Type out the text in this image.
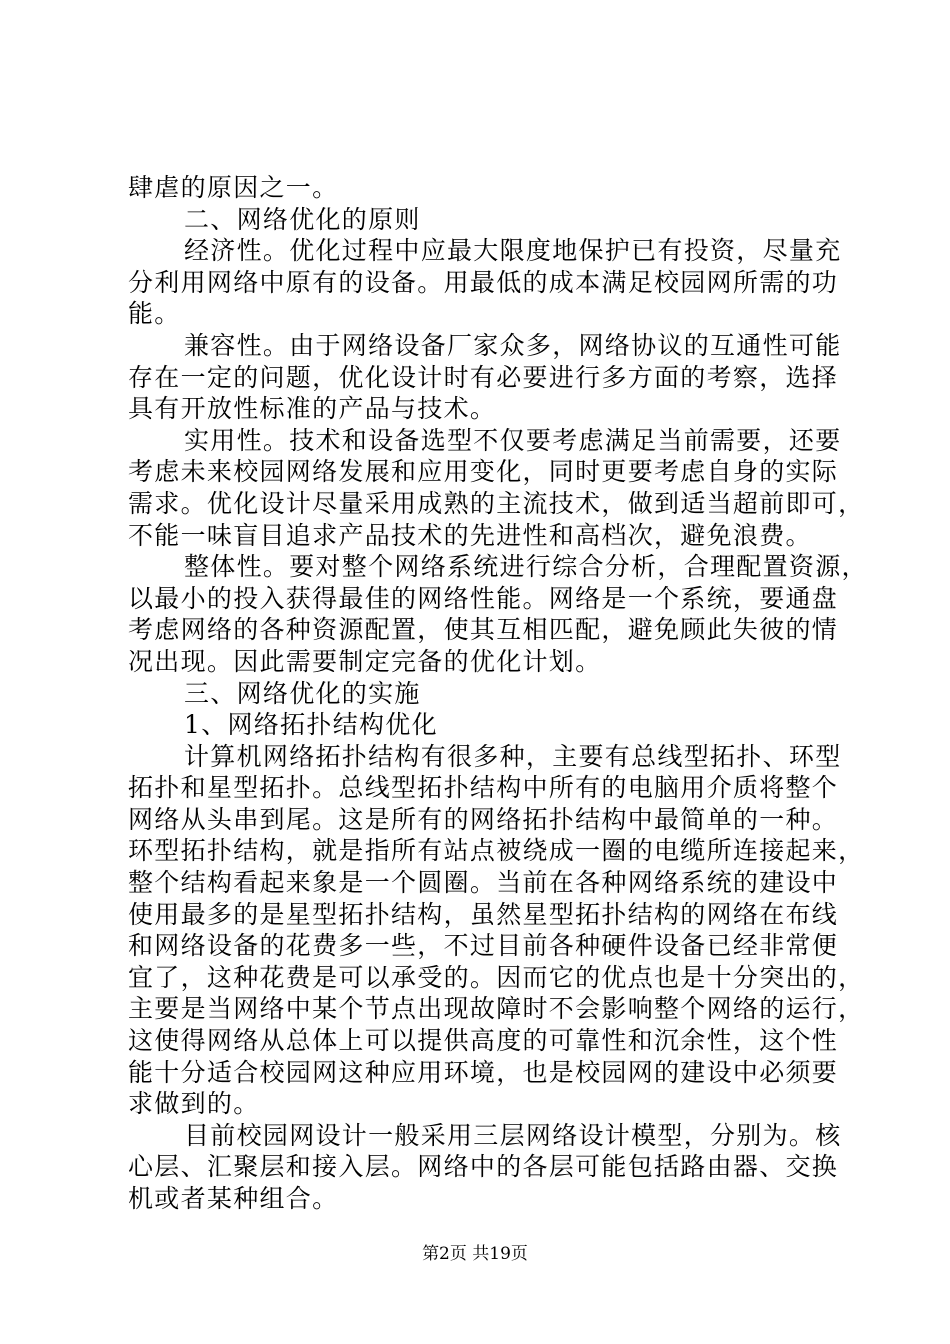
肆虐的原因之一。
二、网络优化的原则
经济性。优化过程中应最大限度地保护已有投资，尽量充
分利用网络中原有的设备。用最低的成本满足校园网所需的功
能。
兼容性。由于网络设备厂家众多，网络协议的互通性可能
存在一定的问题，优化设计时有必要进行多方面的考察，选择
具有开放性标准的产品与技术。
实用性。技术和设备选型不仅要考虑满足当前需要，还要
考虑未来校园网络发展和应用变化，同时更要考虑自身的实际
需求。优化设计尽量采用成熟的主流技术，做到适当超前即可，
不能一味盲目追求产品技术的先进性和高档次，避免浪费。
整体性。要对整个网络系统进行综合分析，合理配置资源，
以最小的投入获得最佳的网络性能。网络是一个系统，要通盘
考虑网络的各种资源配置，使其互相匹配，避免顾此失彼的情
况出现。因此需要制定完备的优化计划。
三、网络优化的实施
1、网络拓扑结构优化
计算机网络拓扑结构有很多种，主要有总线型拓扑、环型
拓扑和星型拓扑。总线型拓扑结构中所有的电脑用介质将整个
网络从头串到尾。这是所有的网络拓扑结构中最简单的一种。
环型拓扑结构，就是指所有站点被绕成一圈的电缆所连接起来，
整个结构看起来象是一个圆圈。当前在各种网络系统的建设中
使用最多的是星型拓扑结构，虽然星型拓扑结构的网络在布线
和网络设备的花费多一些，不过目前各种硬件设备已经非常便
宜了，这种花费是可以承受的。因而它的优点也是十分突出的，
主要是当网络中某个节点出现故障时不会影响整个网络的运行，
这使得网络从总体上可以提供高度的可靠性和沉余性，这个性
能十分适合校园网这种应用环境，也是校园网的建设中必须要
求做到的。
目前校园网设计一般采用三层网络设计模型，分别为。核
心层、汇聚层和接入层。网络中的各层可能包括路由器、交换
机或者某种组合。
第2页 共19页
